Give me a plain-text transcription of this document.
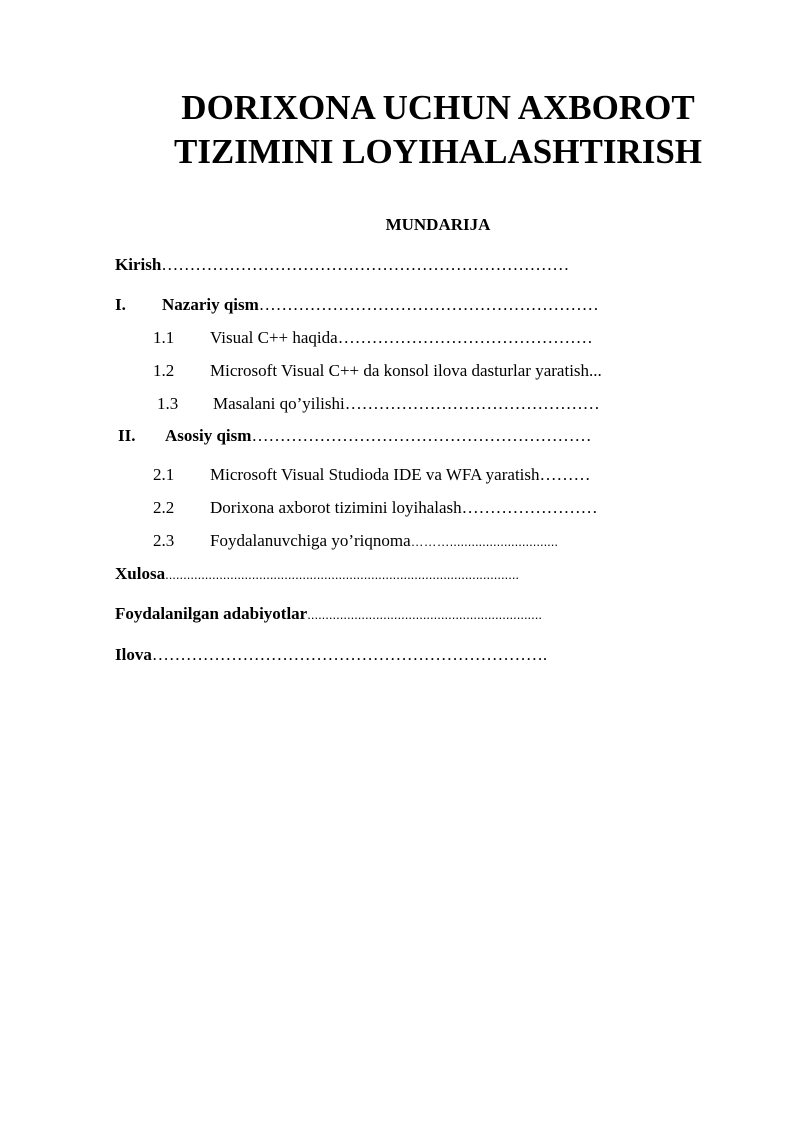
DORIXONA UCHUN AXBOROT
TIZIMINI LOYIHALASHTIRISH
MUNDARIJA
Kirish………………………………………………………………
I. Nazariy qism……………………………………………………
1.1 Visual C++ haqida………………………………………
1.2 Microsoft Visual C++ da konsol ilova dasturlar yaratish...
1.3 Masalani qo’yilishi………………………………………
II. Asosiy qism……………………………………………………
2.1 Microsoft Visual Studioda IDE va WFA yaratish………
2.2 Dorixona axborot tizimini loyihalash……………………
2.3 Foydalanuvchiga yo’riqnoma………..............................
Xulosa..................................................................................................
Foydalanilgan adabiyotlar.................................................................
Ilova…………………………………………………………….
